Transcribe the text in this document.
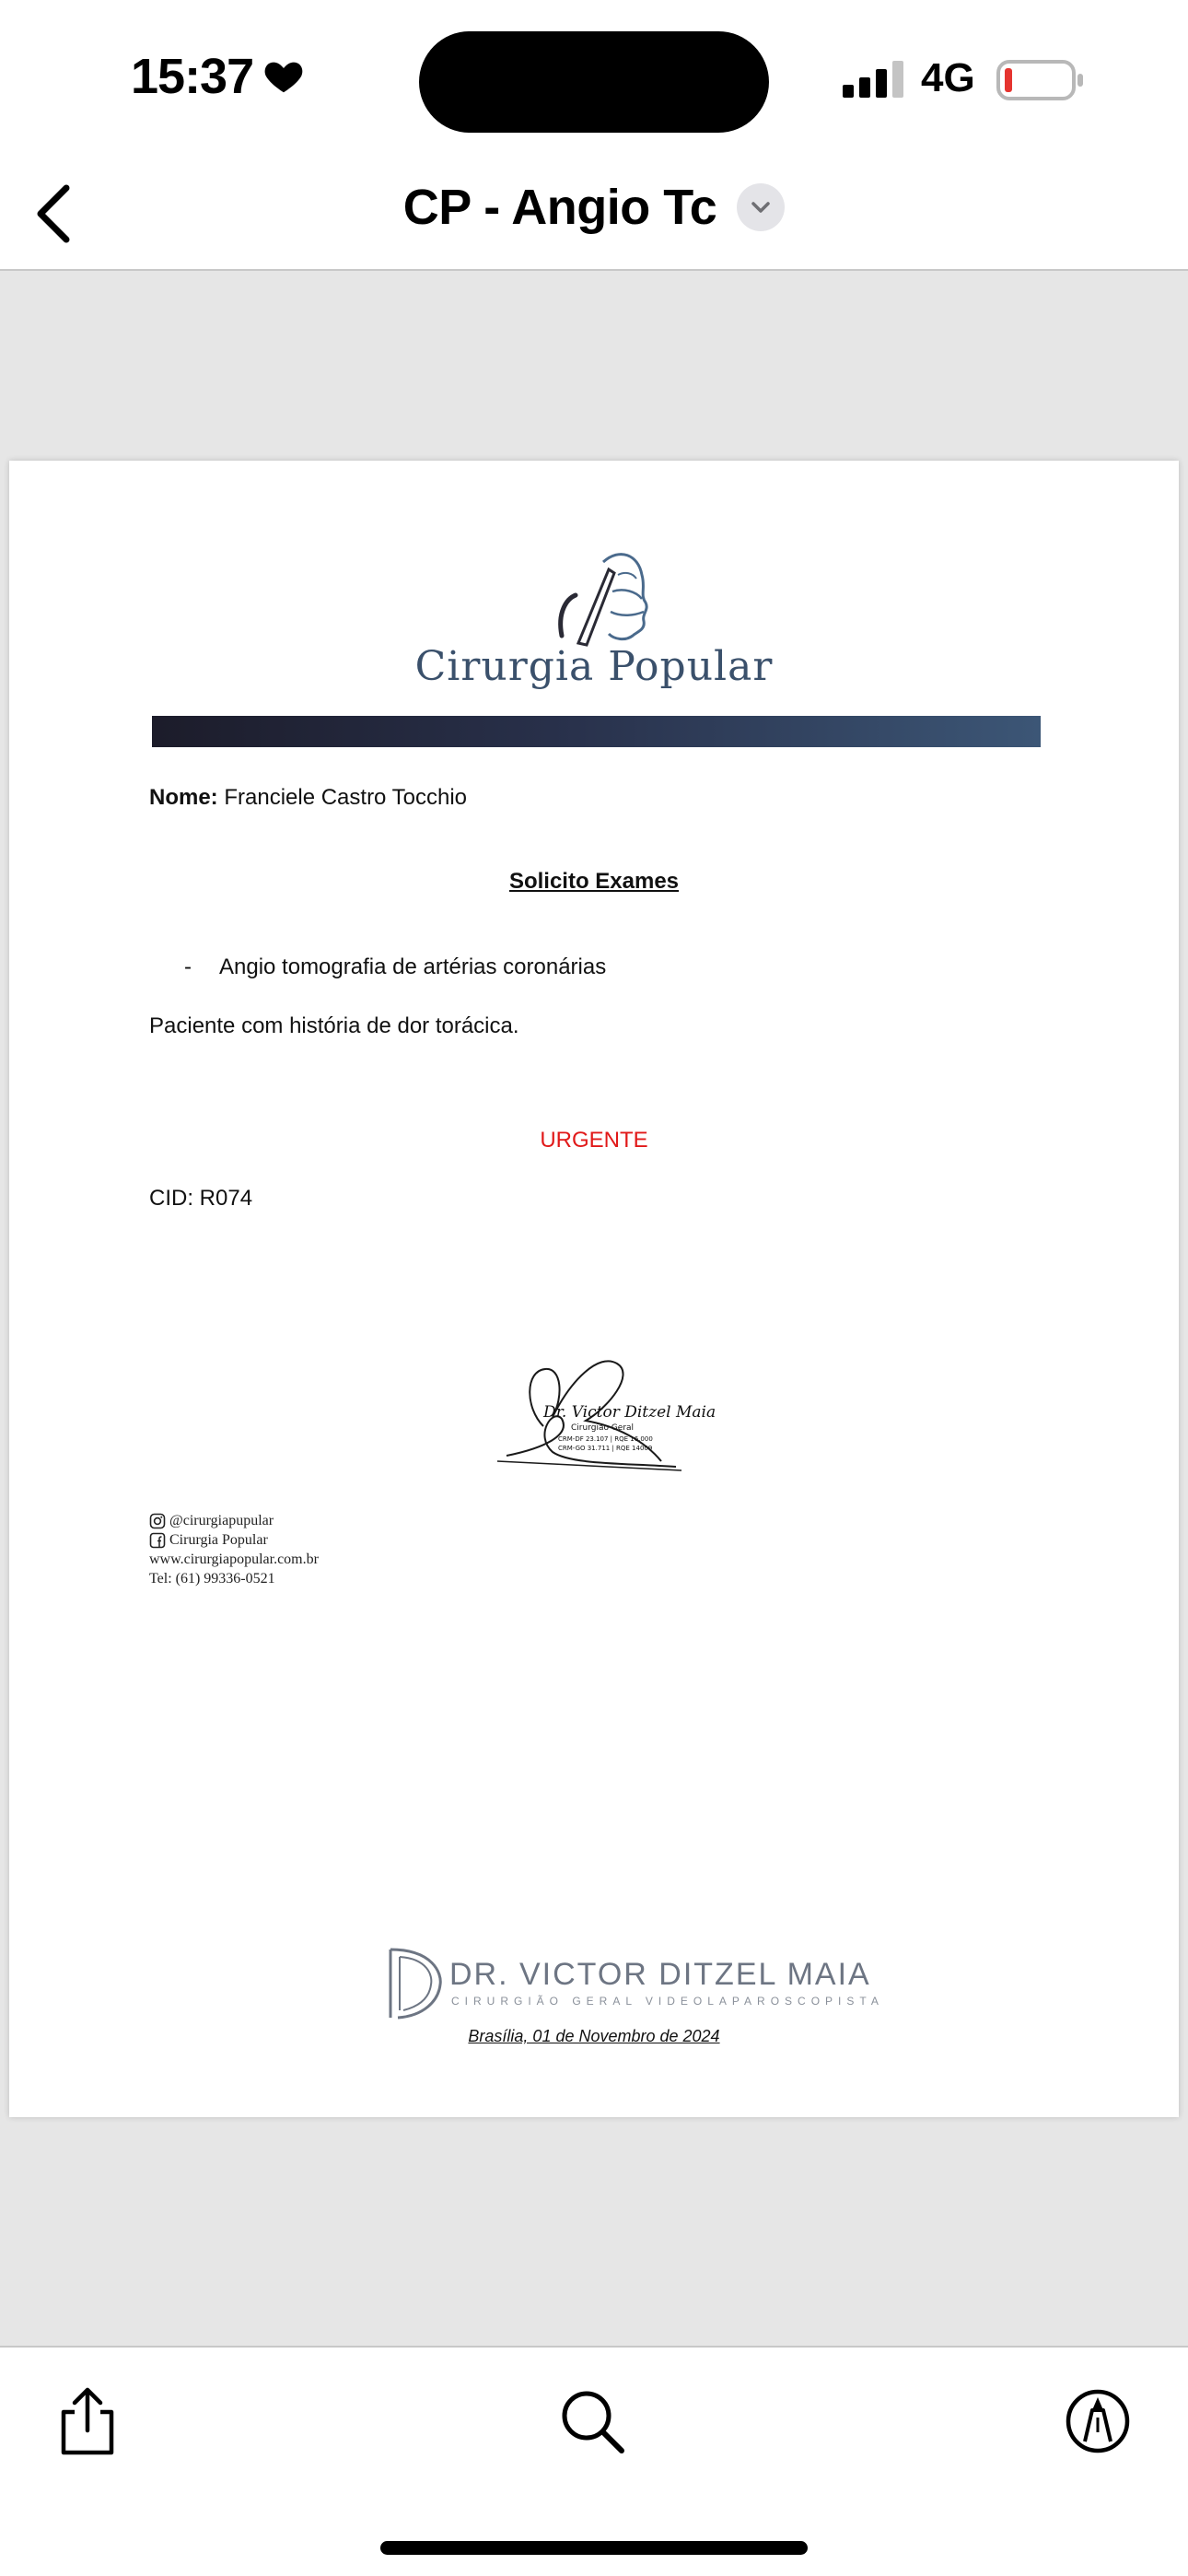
15:37	4G
CP - Angio Tc
Cirurgia Popular
Nome: Franciele Castro Tocchio
Solicito Exames
- Angio tomografia de artérias coronárias
Paciente com história de dor torácica.
URGENTE
CID: R074
Dr. Victor Ditzel Maia
Cirurgião Geral
CRM-DF 23.107 | RQE 16.000
CRM-GO 31.711 | RQE 14009
@cirurgiapupular
Cirurgia Popular
www.cirurgiapopular.com.br
Tel: (61) 99336-0521
DR. VICTOR DITZEL MAIA
CIRURGIÃO GERAL VIDEOLAPAROSCOPISTA
Brasília, 01 de Novembro de 2024
